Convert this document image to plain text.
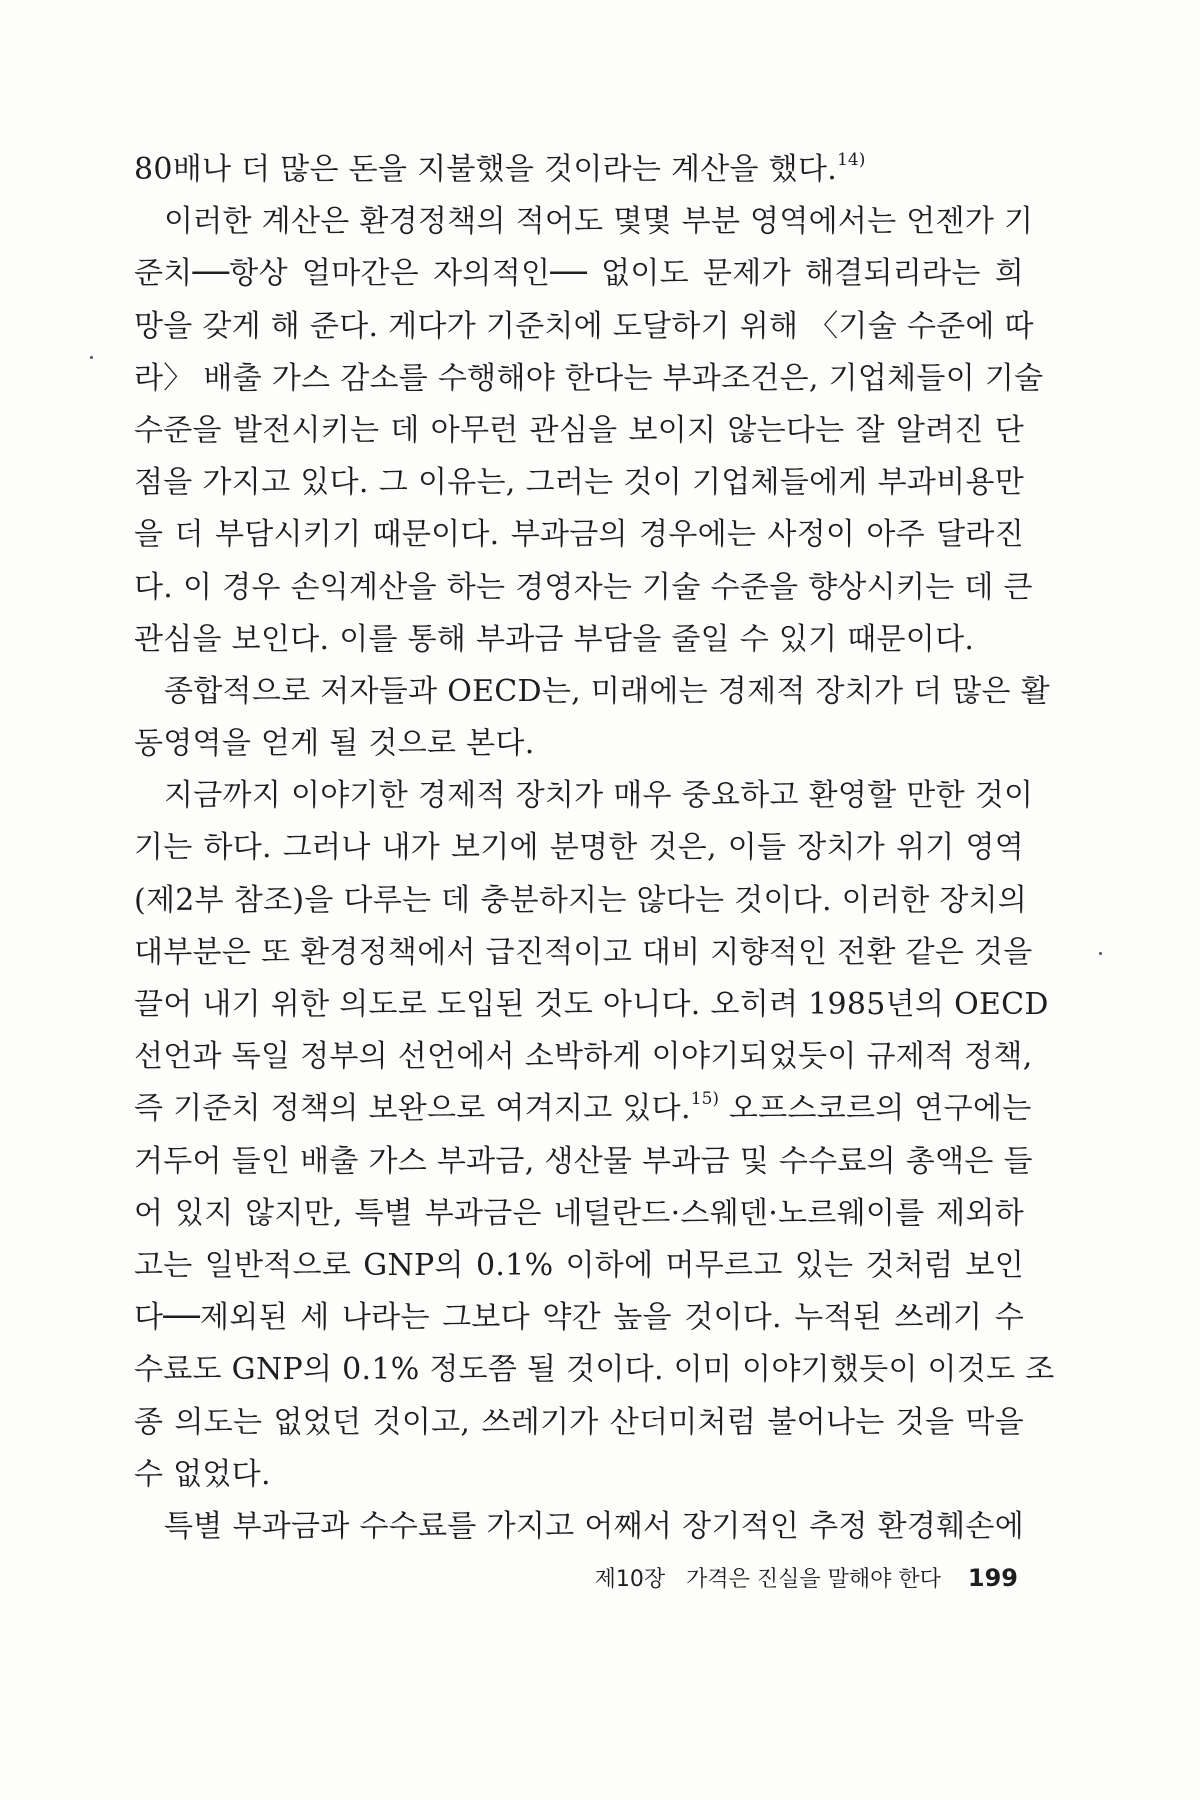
80배나 더 많은 돈을 지불했을 것이라는 계산을 했다.$^{14)}$
이러한 계산은 환경정책의 적어도 몇몇 부분 영역에서는 언젠가 기
준치──항상 얼마간은 자의적인── 없이도 문제가 해결되리라는 희
망을 갖게 해 준다. 게다가 기준치에 도달하기 위해 〈기술 수준에 따
라〉 배출 가스 감소를 수행해야 한다는 부과조건은, 기업체들이 기술
수준을 발전시키는 데 아무런 관심을 보이지 않는다는 잘 알려진 단
점을 가지고 있다. 그 이유는, 그러는 것이 기업체들에게 부과비용만
을 더 부담시키기 때문이다. 부과금의 경우에는 사정이 아주 달라진
다. 이 경우 손익계산을 하는 경영자는 기술 수준을 향상시키는 데 큰
관심을 보인다. 이를 통해 부과금 부담을 줄일 수 있기 때문이다.
종합적으로 저자들과 OECD는, 미래에는 경제적 장치가 더 많은 활
동영역을 얻게 될 것으로 본다.
지금까지 이야기한 경제적 장치가 매우 중요하고 환영할 만한 것이
기는 하다. 그러나 내가 보기에 분명한 것은, 이들 장치가 위기 영역
(제2부 참조)을 다루는 데 충분하지는 않다는 것이다. 이러한 장치의
대부분은 또 환경정책에서 급진적이고 대비 지향적인 전환 같은 것을
끌어 내기 위한 의도로 도입된 것도 아니다. 오히려 1985년의 OECD
선언과 독일 정부의 선언에서 소박하게 이야기되었듯이 규제적 정책,
즉 기준치 정책의 보완으로 여겨지고 있다.$^{15)}$ 오프스코르의 연구에는
거두어 들인 배출 가스 부과금, 생산물 부과금 및 수수료의 총액은 들
어 있지 않지만, 특별 부과금은 네덜란드·스웨덴·노르웨이를 제외하
고는 일반적으로 GNP의 0.1% 이하에 머무르고 있는 것처럼 보인
다──제외된 세 나라는 그보다 약간 높을 것이다. 누적된 쓰레기 수
수료도 GNP의 0.1% 정도쯤 될 것이다. 이미 이야기했듯이 이것도 조
종 의도는 없었던 것이고, 쓰레기가 산더미처럼 불어나는 것을 막을
수 없었다.
특별 부과금과 수수료를 가지고 어째서 장기적인 추정 환경훼손에
제10장 가격은 진실을 말해야 한다 199
